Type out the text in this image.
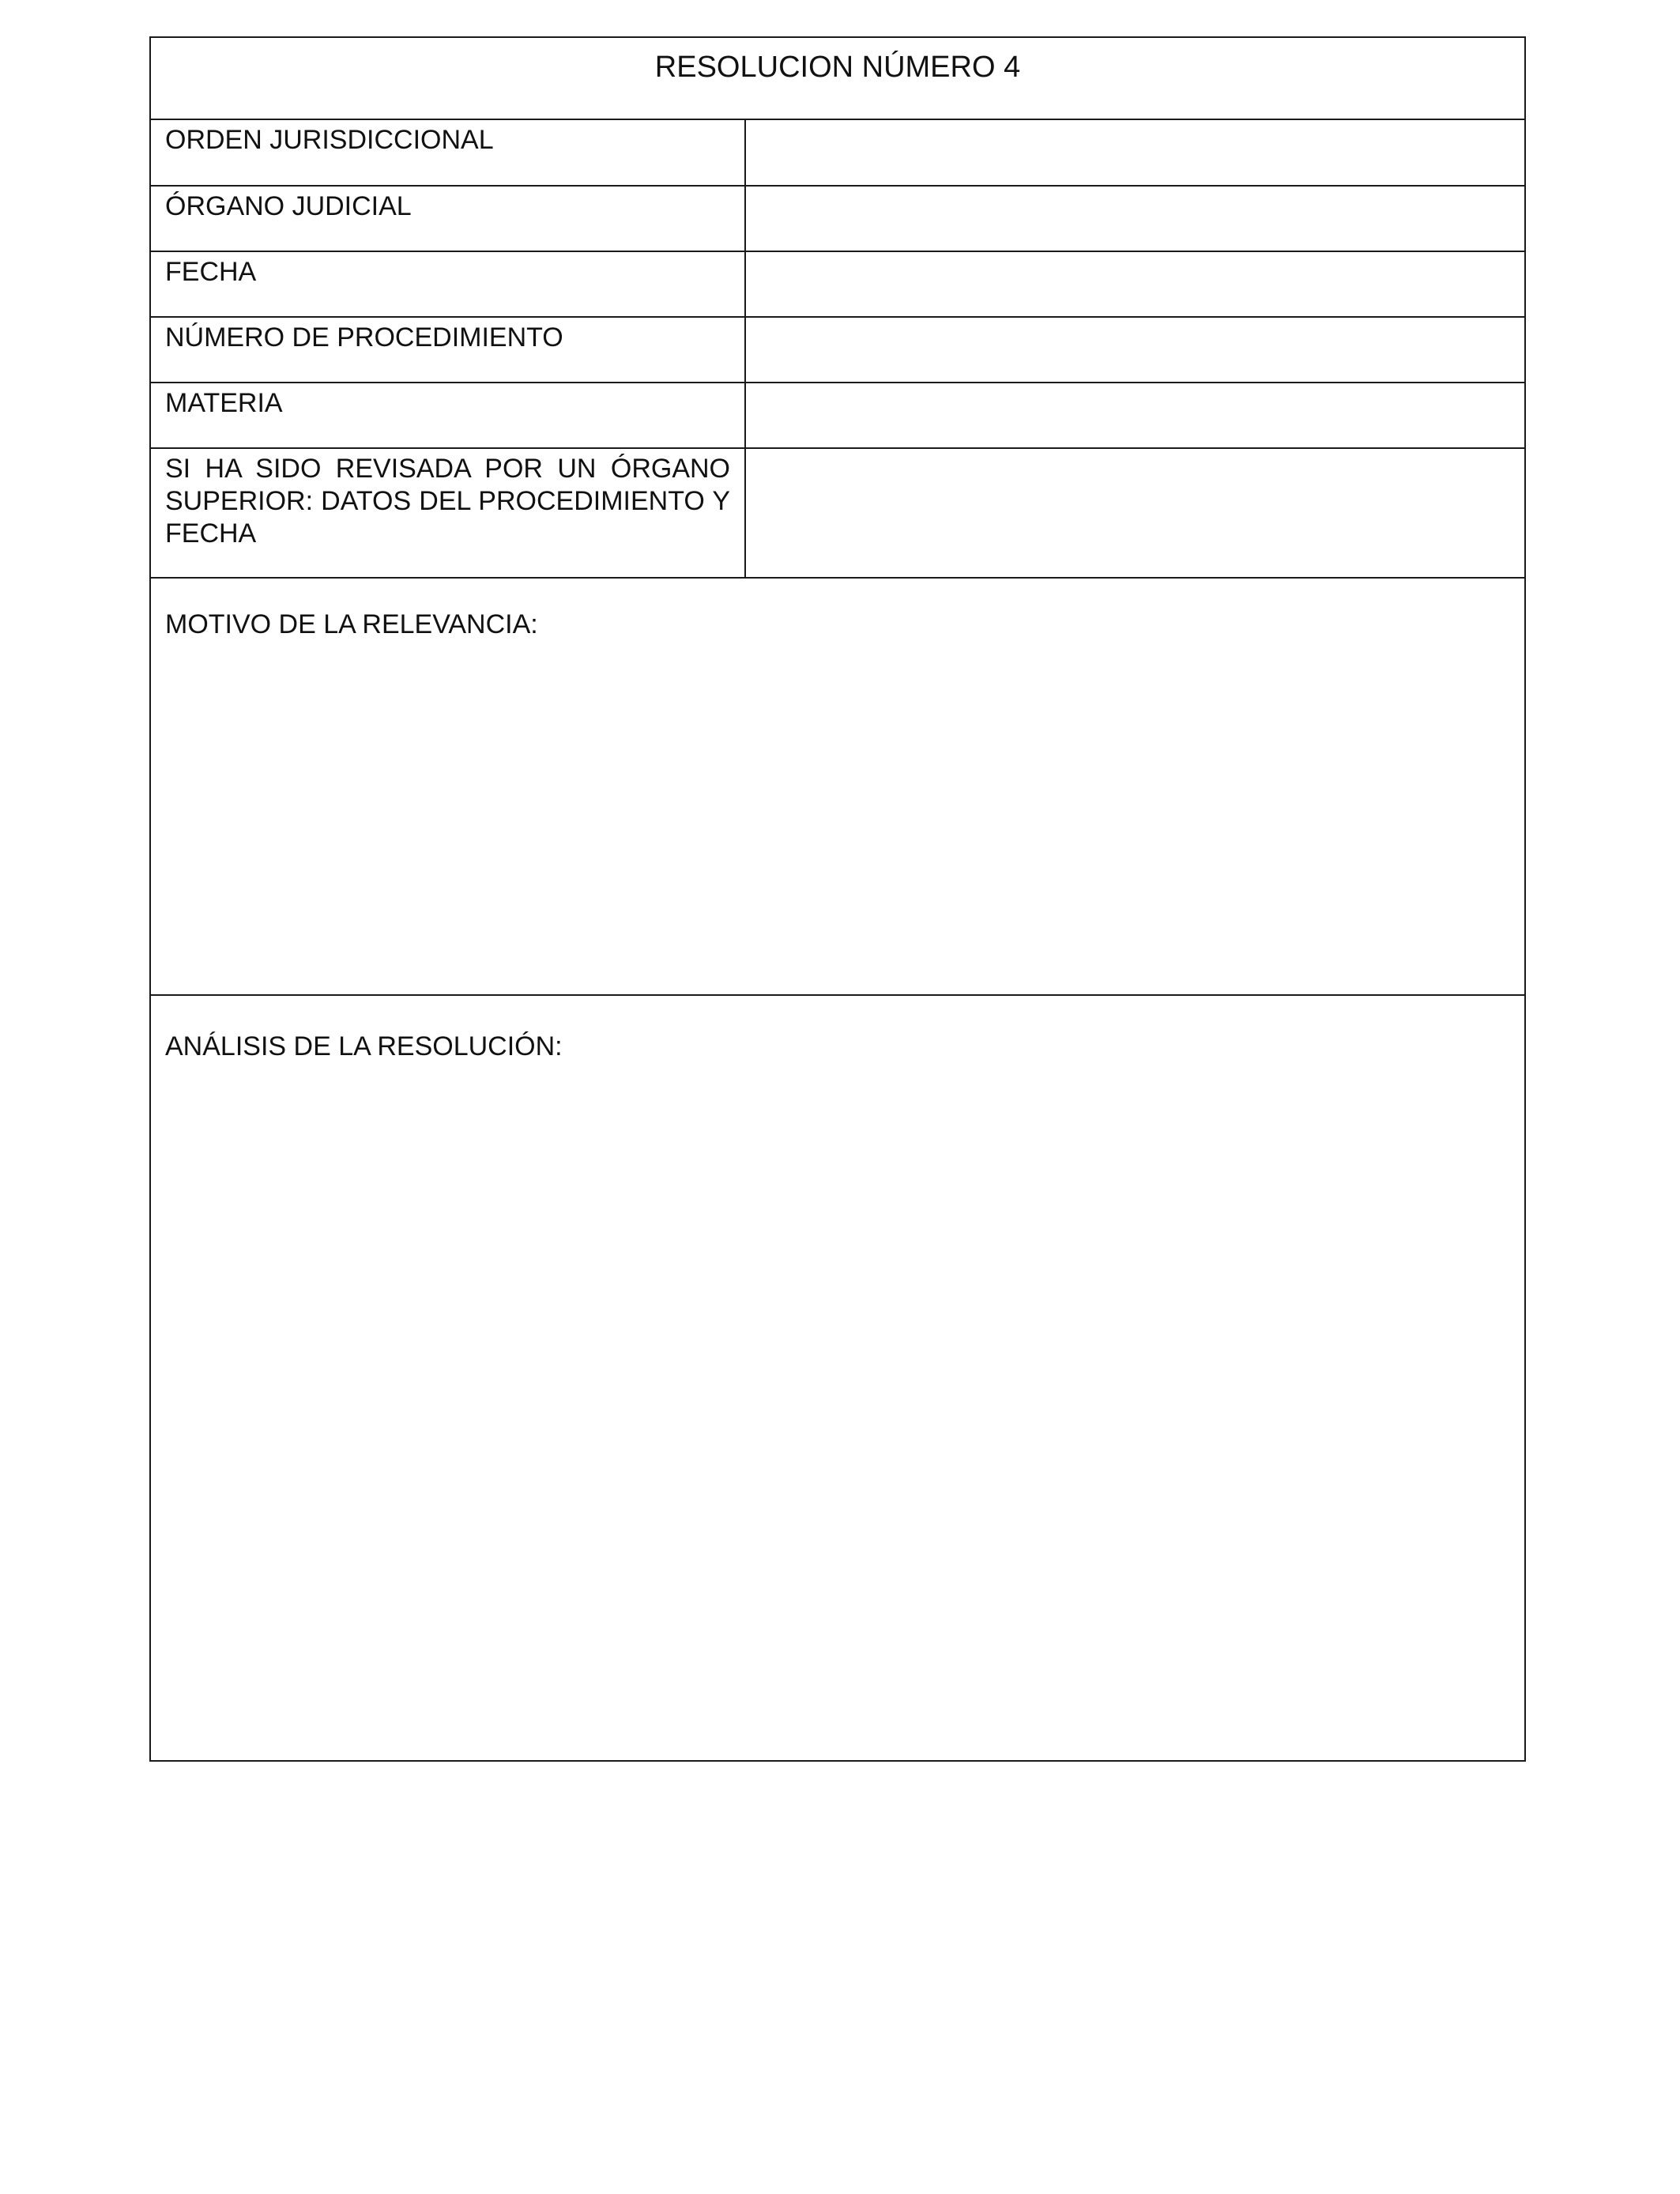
RESOLUCION NÚMERO 4
ORDEN JURISDICCIONAL
ÓRGANO JUDICIAL
FECHA
NÚMERO DE PROCEDIMIENTO
MATERIA
SI HA SIDO REVISADA POR UN ÓRGANO SUPERIOR: DATOS DEL PROCEDIMIENTO Y FECHA
MOTIVO DE LA RELEVANCIA:
ANÁLISIS DE LA RESOLUCIÓN:
